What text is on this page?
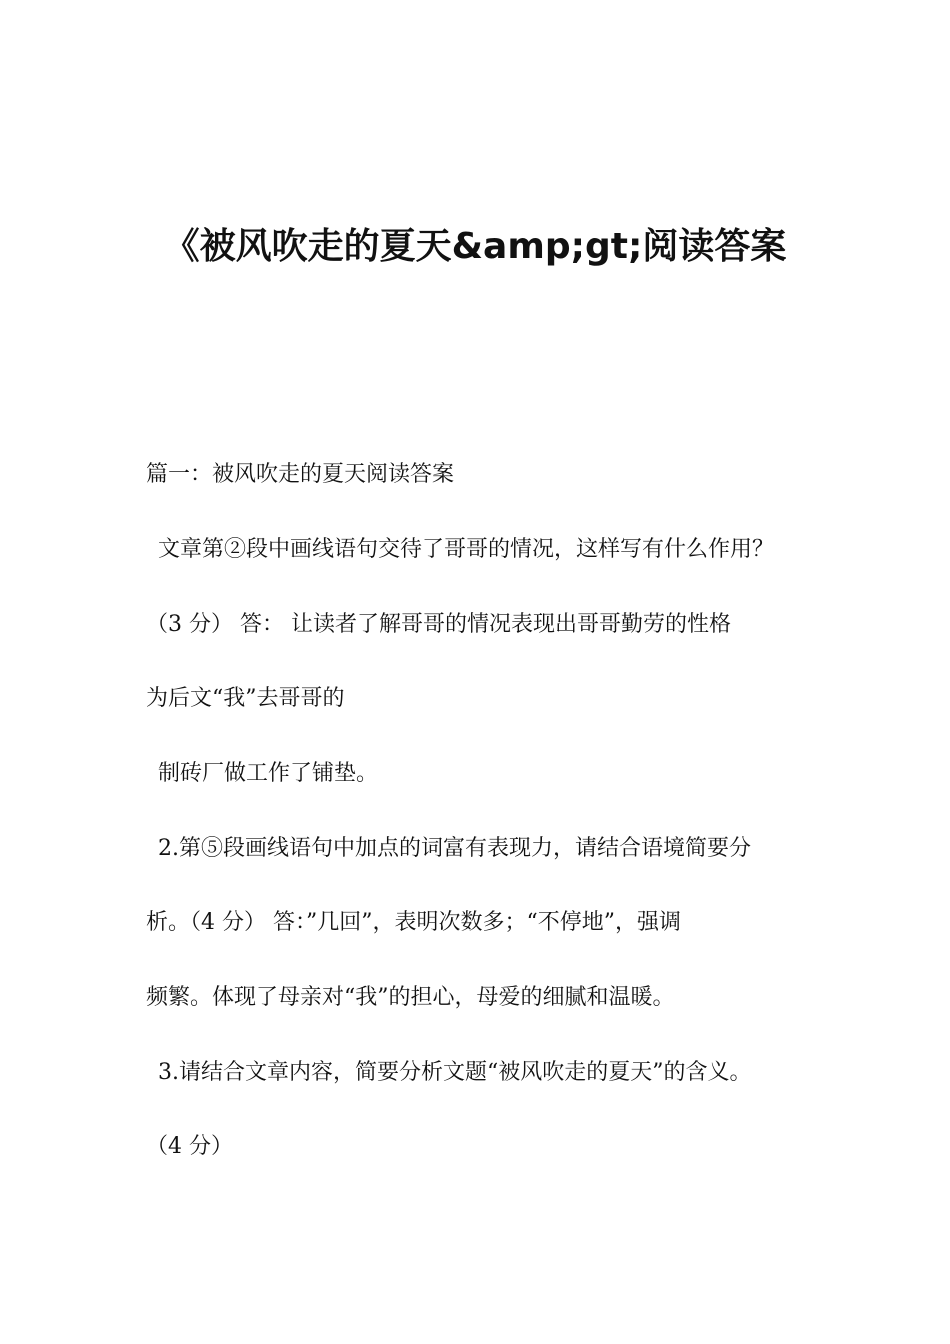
《被风吹走的夏天&amp;gt;阅读答案
篇一：被风吹走的夏天阅读答案
文章第②段中画线语句交待了哥哥的情况，这样写有什么作用？
（3 分） 答： 让读者了解哥哥的情况表现出哥哥勤劳的性格
为后文“我”去哥哥的
制砖厂做工作了铺垫。
2.第⑤段画线语句中加点的词富有表现力，请结合语境简要分
析。（4 分） 答：”几回”，表明次数多；“不停地”，强调
频繁。体现了母亲对“我”的担心，母爱的细腻和温暖。
3.请结合文章内容，简要分析文题“被风吹走的夏天”的含义。
（4 分）
